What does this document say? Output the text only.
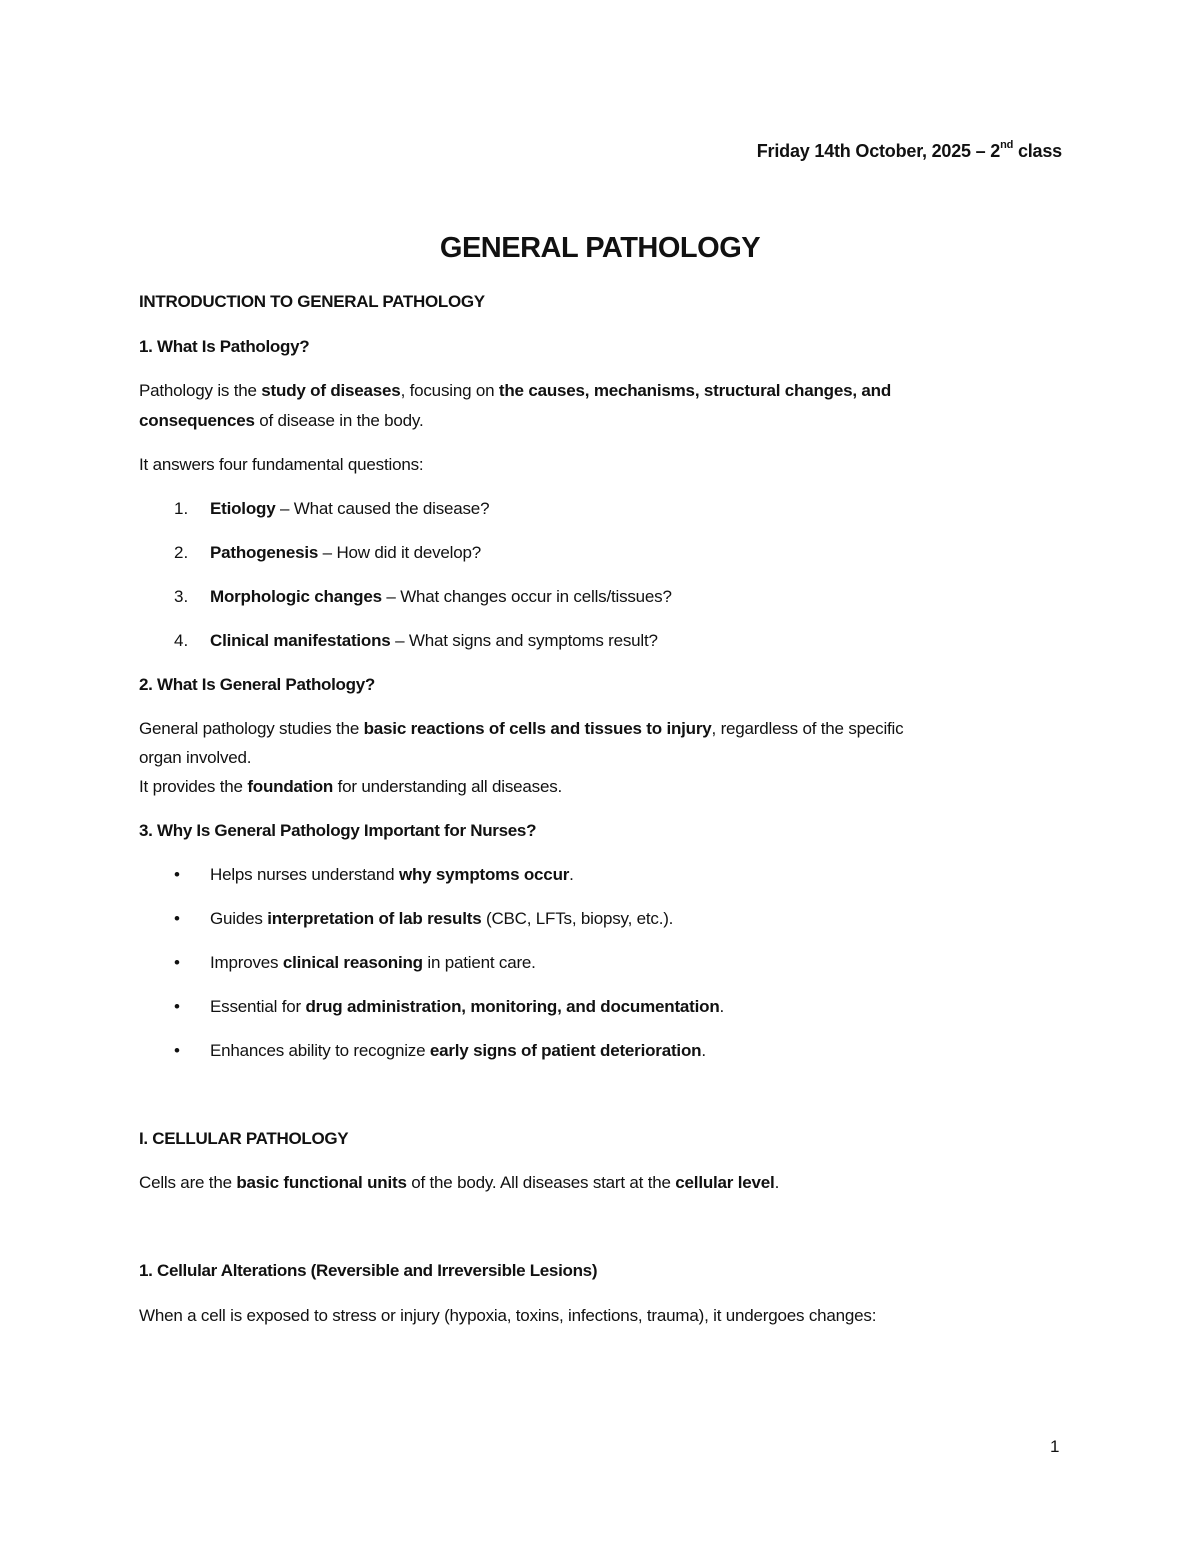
Friday 14th October, 2025 – 2nd class
GENERAL PATHOLOGY
INTRODUCTION TO GENERAL PATHOLOGY
1. What Is Pathology?
Pathology is the study of diseases, focusing on the causes, mechanisms, structural changes, and
consequences of disease in the body.
It answers four fundamental questions:
1. Etiology – What caused the disease?
2. Pathogenesis – How did it develop?
3. Morphologic changes – What changes occur in cells/tissues?
4. Clinical manifestations – What signs and symptoms result?
2. What Is General Pathology?
General pathology studies the basic reactions of cells and tissues to injury, regardless of the specific
organ involved.
It provides the foundation for understanding all diseases.
3. Why Is General Pathology Important for Nurses?
• Helps nurses understand why symptoms occur.
• Guides interpretation of lab results (CBC, LFTs, biopsy, etc.).
• Improves clinical reasoning in patient care.
• Essential for drug administration, monitoring, and documentation.
• Enhances ability to recognize early signs of patient deterioration.
I. CELLULAR PATHOLOGY
Cells are the basic functional units of the body. All diseases start at the cellular level.
1. Cellular Alterations (Reversible and Irreversible Lesions)
When a cell is exposed to stress or injury (hypoxia, toxins, infections, trauma), it undergoes changes:
1
